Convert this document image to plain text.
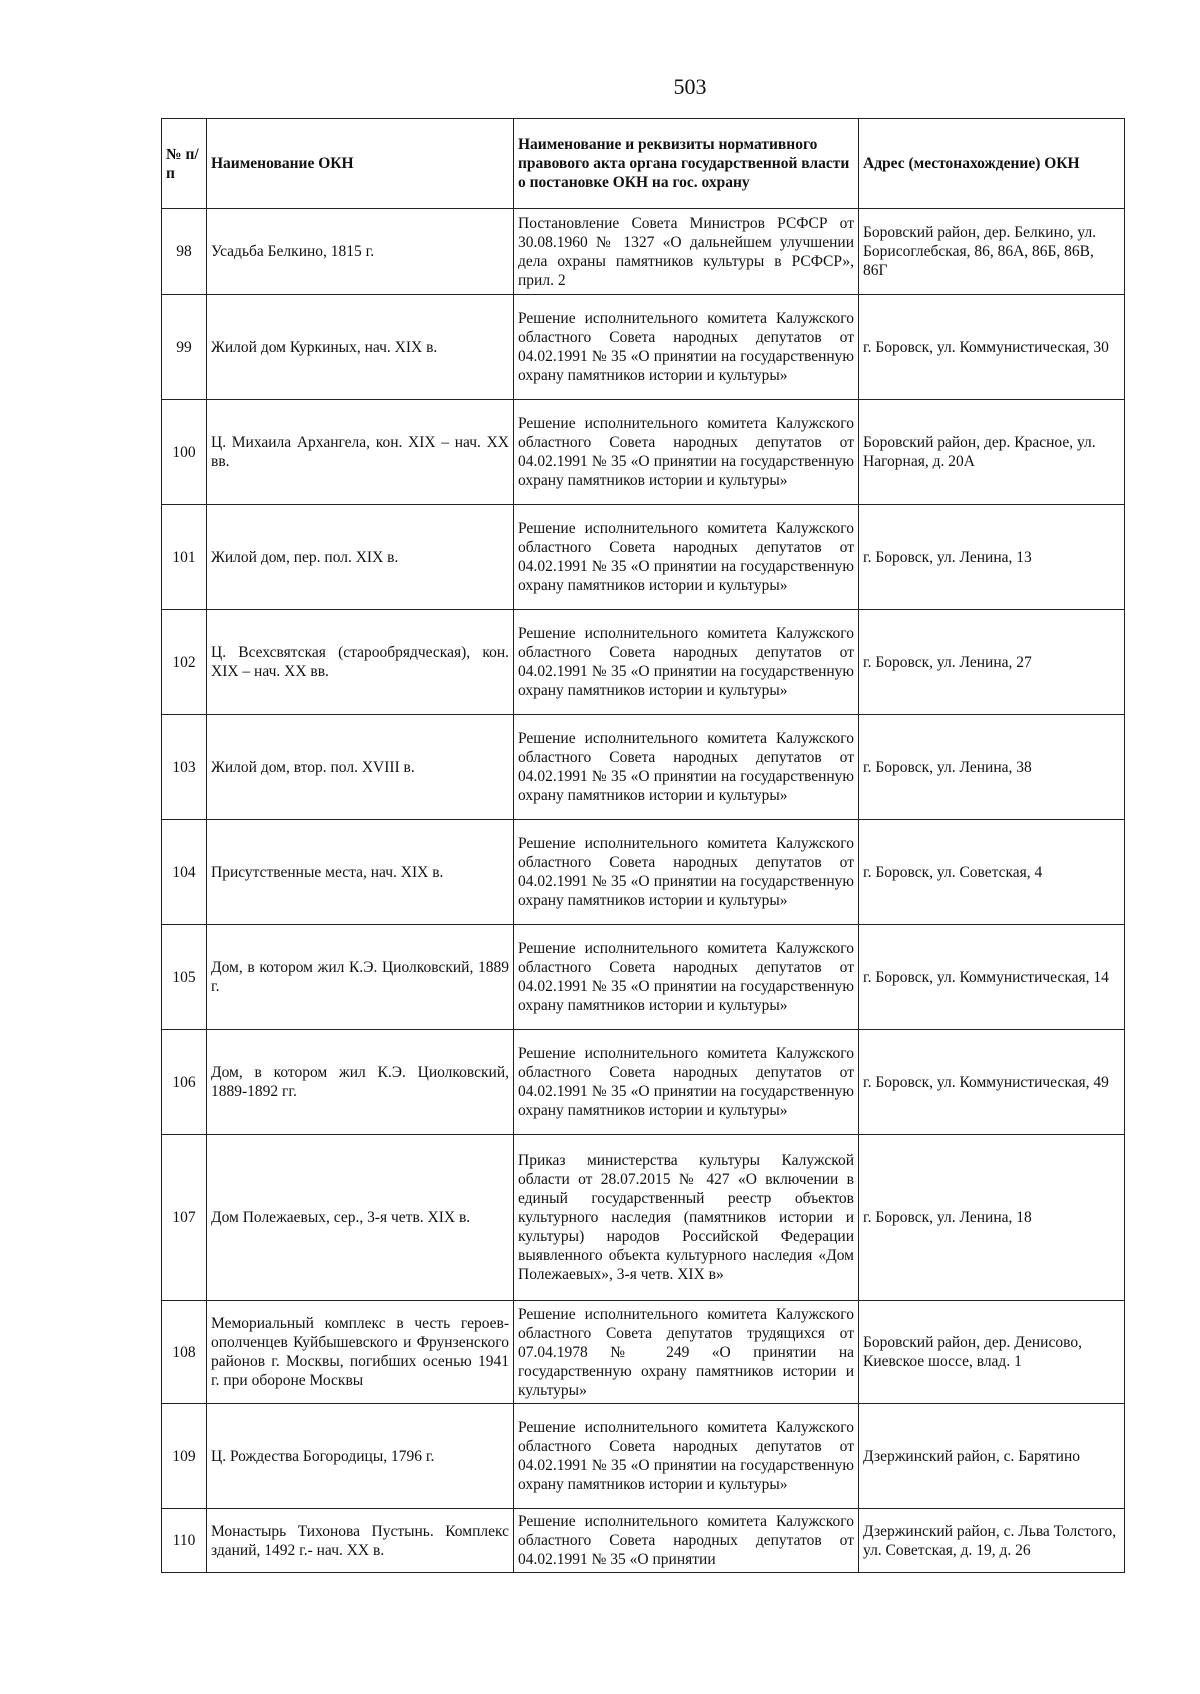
503
№ п/п	Наименование ОКН	Наименование и реквизиты нормативного правового акта органа государственной власти о постановке ОКН на гос. охрану	Адрес (местонахождение) ОКН
98	Усадьба Белкино, 1815 г.	Постановление Совета Министров РСФСР от 30.08.1960 № 1327 «О дальнейшем улучшении дела охраны памятников культуры в РСФСР», прил. 2	Боровский район, дер. Белкино, ул. Борисоглебская, 86, 86А, 86Б, 86В, 86Г
99	Жилой дом Куркиных, нач. XIX в.	Решение исполнительного комитета Калужского областного Совета народных депутатов от 04.02.1991 № 35 «О принятии на государственную охрану памятников истории и культуры»	г. Боровск, ул. Коммунистическая, 30
100	Ц. Михаила Архангела, кон. XIX – нач. XX вв.	Решение исполнительного комитета Калужского областного Совета народных депутатов от 04.02.1991 № 35 «О принятии на государственную охрану памятников истории и культуры»	Боровский район, дер. Красное, ул. Нагорная, д. 20А
101	Жилой дом, пер. пол. XIX в.	Решение исполнительного комитета Калужского областного Совета народных депутатов от 04.02.1991 № 35 «О принятии на государственную охрану памятников истории и культуры»	г. Боровск, ул. Ленина, 13
102	Ц. Всехсвятская (старообрядческая), кон. XIX – нач. XX вв.	Решение исполнительного комитета Калужского областного Совета народных депутатов от 04.02.1991 № 35 «О принятии на государственную охрану памятников истории и культуры»	г. Боровск, ул. Ленина, 27
103	Жилой дом, втор. пол. XVIII в.	Решение исполнительного комитета Калужского областного Совета народных депутатов от 04.02.1991 № 35 «О принятии на государственную охрану памятников истории и культуры»	г. Боровск, ул. Ленина, 38
104	Присутственные места, нач. XIX в.	Решение исполнительного комитета Калужского областного Совета народных депутатов от 04.02.1991 № 35 «О принятии на государственную охрану памятников истории и культуры»	г. Боровск, ул. Советская, 4
105	Дом, в котором жил К.Э. Циолковский, 1889 г.	Решение исполнительного комитета Калужского областного Совета народных депутатов от 04.02.1991 № 35 «О принятии на государственную охрану памятников истории и культуры»	г. Боровск, ул. Коммунистическая, 14
106	Дом, в котором жил К.Э. Циолковский, 1889-1892 гг.	Решение исполнительного комитета Калужского областного Совета народных депутатов от 04.02.1991 № 35 «О принятии на государственную охрану памятников истории и культуры»	г. Боровск, ул. Коммунистическая, 49
107	Дом Полежаевых, сер., 3-я четв. XIX в.	Приказ министерства культуры Калужской области от 28.07.2015 № 427 «О включении в единый государственный реестр объектов культурного наследия (памятников истории и культуры) народов Российской Федерации выявленного объекта культурного наследия «Дом Полежаевых», 3-я четв. XIX в»	г. Боровск, ул. Ленина, 18
108	Мемориальный комплекс в честь героев-ополченцев Куйбышевского и Фрунзенского районов г. Москвы, погибших осенью 1941 г. при обороне Москвы	Решение исполнительного комитета Калужского областного Совета депутатов трудящихся от 07.04.1978 № 249 «О принятии на государственную охрану памятников истории и культуры»	Боровский район, дер. Денисово, Киевское шоссе, влад. 1
109	Ц. Рождества Богородицы, 1796 г.	Решение исполнительного комитета Калужского областного Совета народных депутатов от 04.02.1991 № 35 «О принятии на государственную охрану памятников истории и культуры»	Дзержинский район, с. Барятино
110	Монастырь Тихонова Пустынь. Комплекс зданий, 1492 г.- нач. XX в.	Решение исполнительного комитета Калужского областного Совета народных депутатов от 04.02.1991 № 35 «О принятии	Дзержинский район, с. Льва Толстого, ул. Советская, д. 19, д. 26
